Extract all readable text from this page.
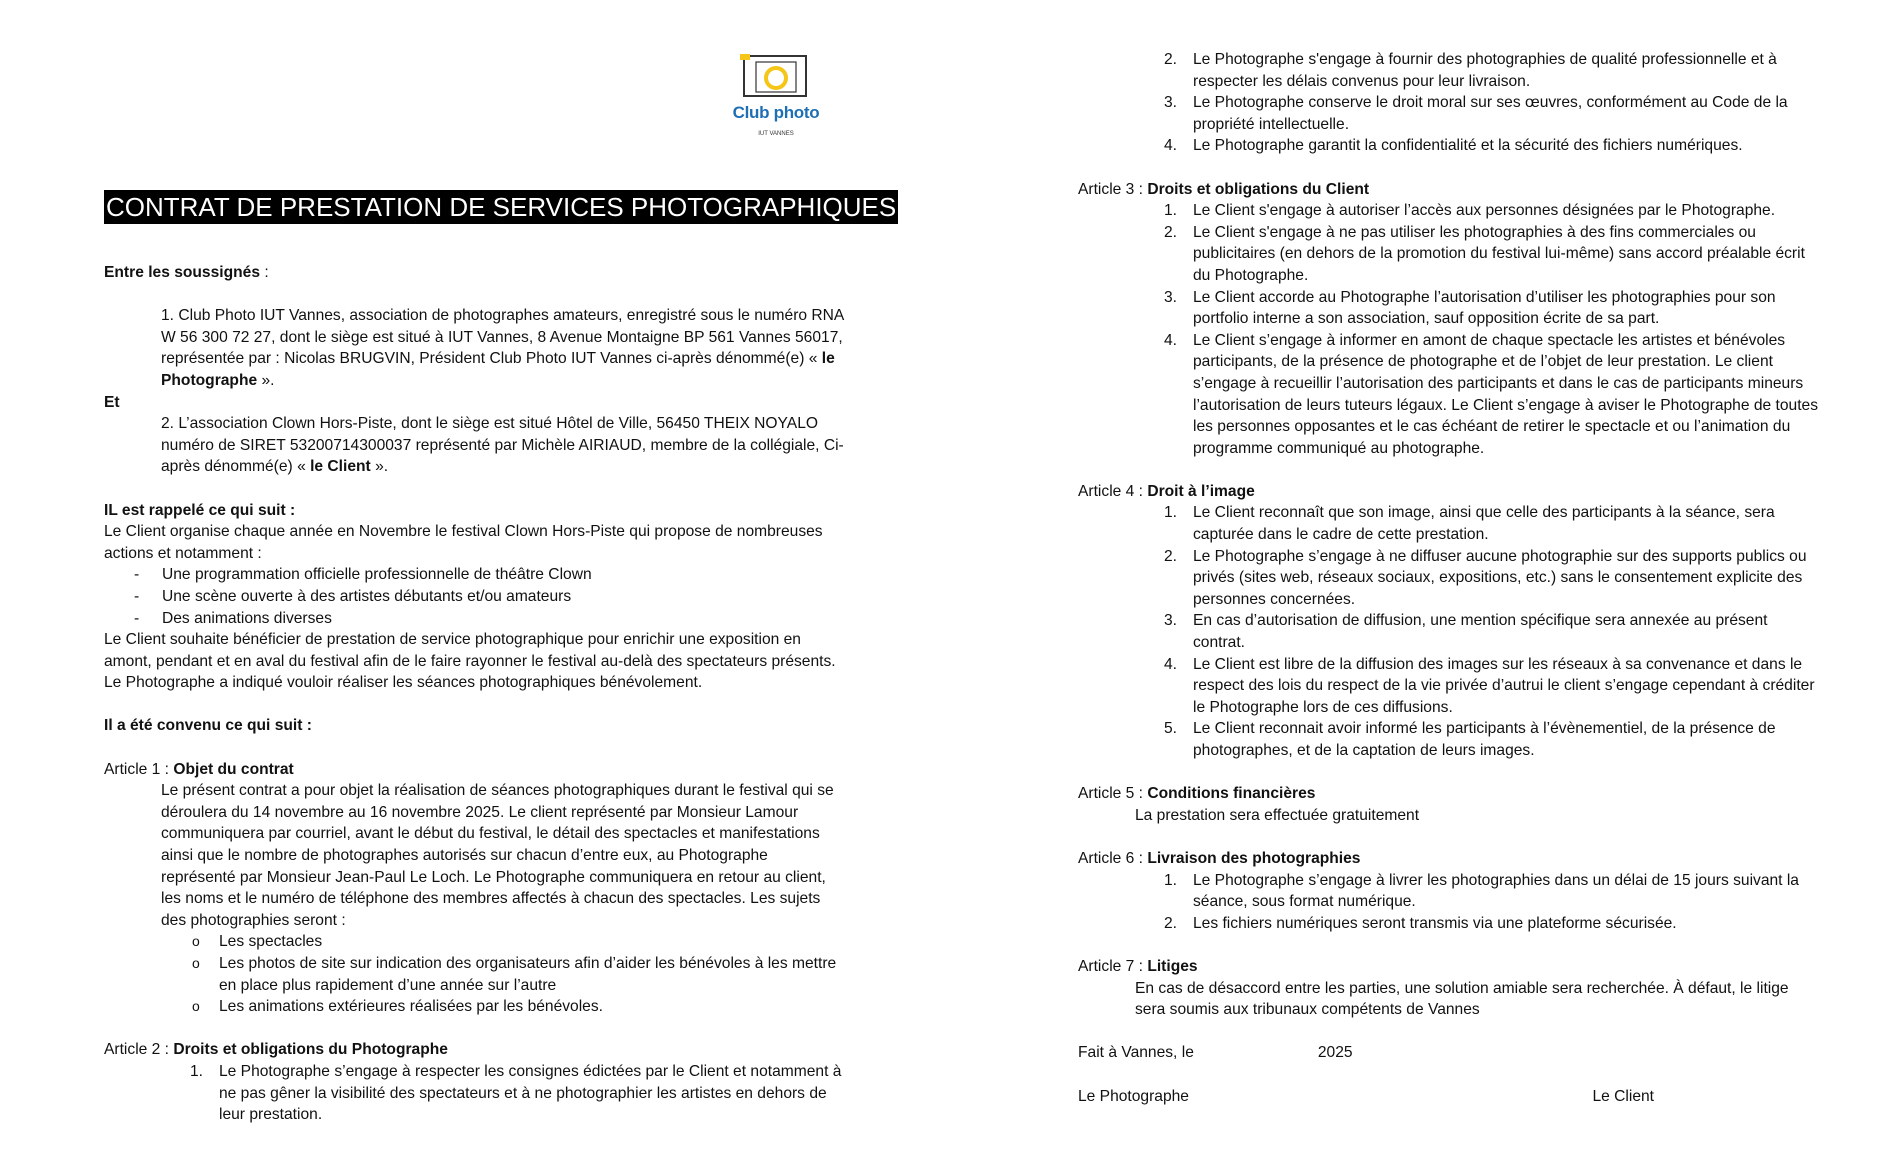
Club photo
IUT VANNES
CONTRAT DE PRESTATION DE SERVICES PHOTOGRAPHIQUES

Entre les soussignés :

1. Club Photo IUT Vannes, association de photographes amateurs, enregistré sous le numéro RNA W 56 300 72 27, dont le siège est situé à IUT Vannes, 8 Avenue Montaigne BP 561 Vannes 56017, représentée par : Nicolas BRUGVIN, Président Club Photo IUT Vannes ci-après dénommé(e) « le Photographe ».

Et

2. L’association Clown Hors-Piste, dont le siège est situé Hôtel de Ville, 56450 THEIX NOYALO numéro de SIRET 53200714300037 représenté par Michèle AIRIAUD, membre de la collégiale, Ci-après dénommé(e) « le Client ».

IL est rappelé ce qui suit :

Le Client organise chaque année en Novembre le festival Clown Hors-Piste qui propose de nombreuses actions et notamment :

- Une programmation officielle professionnelle de théâtre Clown
- Une scène ouverte à des artistes débutants et/ou amateurs
- Des animations diverses

Le Client souhaite bénéficier de prestation de service photographique pour enrichir une exposition en amont, pendant et en aval du festival afin de le faire rayonner le festival au-delà des spectateurs présents.

Le Photographe a indiqué vouloir réaliser les séances photographiques bénévolement.

Il a été convenu ce qui suit :

Article 1 : Objet du contrat

Le présent contrat a pour objet la réalisation de séances photographiques durant le festival qui se déroulera du 14 novembre au 16 novembre 2025. Le client représenté par Monsieur Lamour communiquera par courriel, avant le début du festival, le détail des spectacles et manifestations ainsi que le nombre de photographes autorisés sur chacun d’entre eux, au Photographe représenté par Monsieur Jean-Paul Le Loch. Le Photographe communiquera en retour au client, les noms et le numéro de téléphone des membres affectés à chacun des spectacles. Les sujets des photographies seront :

o Les spectacles
o Les photos de site sur indication des organisateurs afin d’aider les bénévoles à les mettre en place plus rapidement d’une année sur l’autre
o Les animations extérieures réalisées par les bénévoles.

Article 2 : Droits et obligations du Photographe

1. Le Photographe s’engage à respecter les consignes édictées par le Client et notamment à ne pas gêner la visibilité des spectateurs et à ne photographier les artistes en dehors de leur prestation.
2. Le Photographe s'engage à fournir des photographies de qualité professionnelle et à respecter les délais convenus pour leur livraison.
3. Le Photographe conserve le droit moral sur ses œuvres, conformément au Code de la propriété intellectuelle.
4. Le Photographe garantit la confidentialité et la sécurité des fichiers numériques.

Article 3 : Droits et obligations du Client

1. Le Client s'engage à autoriser l’accès aux personnes désignées par le Photographe.
2. Le Client s'engage à ne pas utiliser les photographies à des fins commerciales ou publicitaires (en dehors de la promotion du festival lui-même) sans accord préalable écrit du Photographe.
3. Le Client accorde au Photographe l’autorisation d’utiliser les photographies pour son portfolio interne a son association, sauf opposition écrite de sa part.
4. Le Client s’engage à informer en amont de chaque spectacle les artistes et bénévoles participants, de la présence de photographe et de l’objet de leur prestation. Le client s’engage à recueillir l’autorisation des participants et dans le cas de participants mineurs l’autorisation de leurs tuteurs légaux. Le Client s’engage à aviser le Photographe de toutes les personnes opposantes et le cas échéant de retirer le spectacle et ou l’animation du programme communiqué au photographe.

Article 4 : Droit à l’image

1. Le Client reconnaît que son image, ainsi que celle des participants à la séance, sera capturée dans le cadre de cette prestation.
2. Le Photographe s’engage à ne diffuser aucune photographie sur des supports publics ou privés (sites web, réseaux sociaux, expositions, etc.) sans le consentement explicite des personnes concernées.
3. En cas d’autorisation de diffusion, une mention spécifique sera annexée au présent contrat.
4. Le Client est libre de la diffusion des images sur les réseaux à sa convenance et dans le respect des lois du respect de la vie privée d’autrui le client s’engage cependant à créditer le Photographe lors de ces diffusions.
5. Le Client reconnait avoir informé les participants à l’évènementiel, de la présence de photographes, et de la captation de leurs images.

Article 5 : Conditions financières

La prestation sera effectuée gratuitement

Article 6 : Livraison des photographies

1. Le Photographe s’engage à livrer les photographies dans un délai de 15 jours suivant la séance, sous format numérique.
2. Les fichiers numériques seront transmis via une plateforme sécurisée.

Article 7 : Litiges

En cas de désaccord entre les parties, une solution amiable sera recherchée. À défaut, le litige sera soumis aux tribunaux compétents de Vannes

Fait à Vannes, le	2025

Le Photographe	Le Client
